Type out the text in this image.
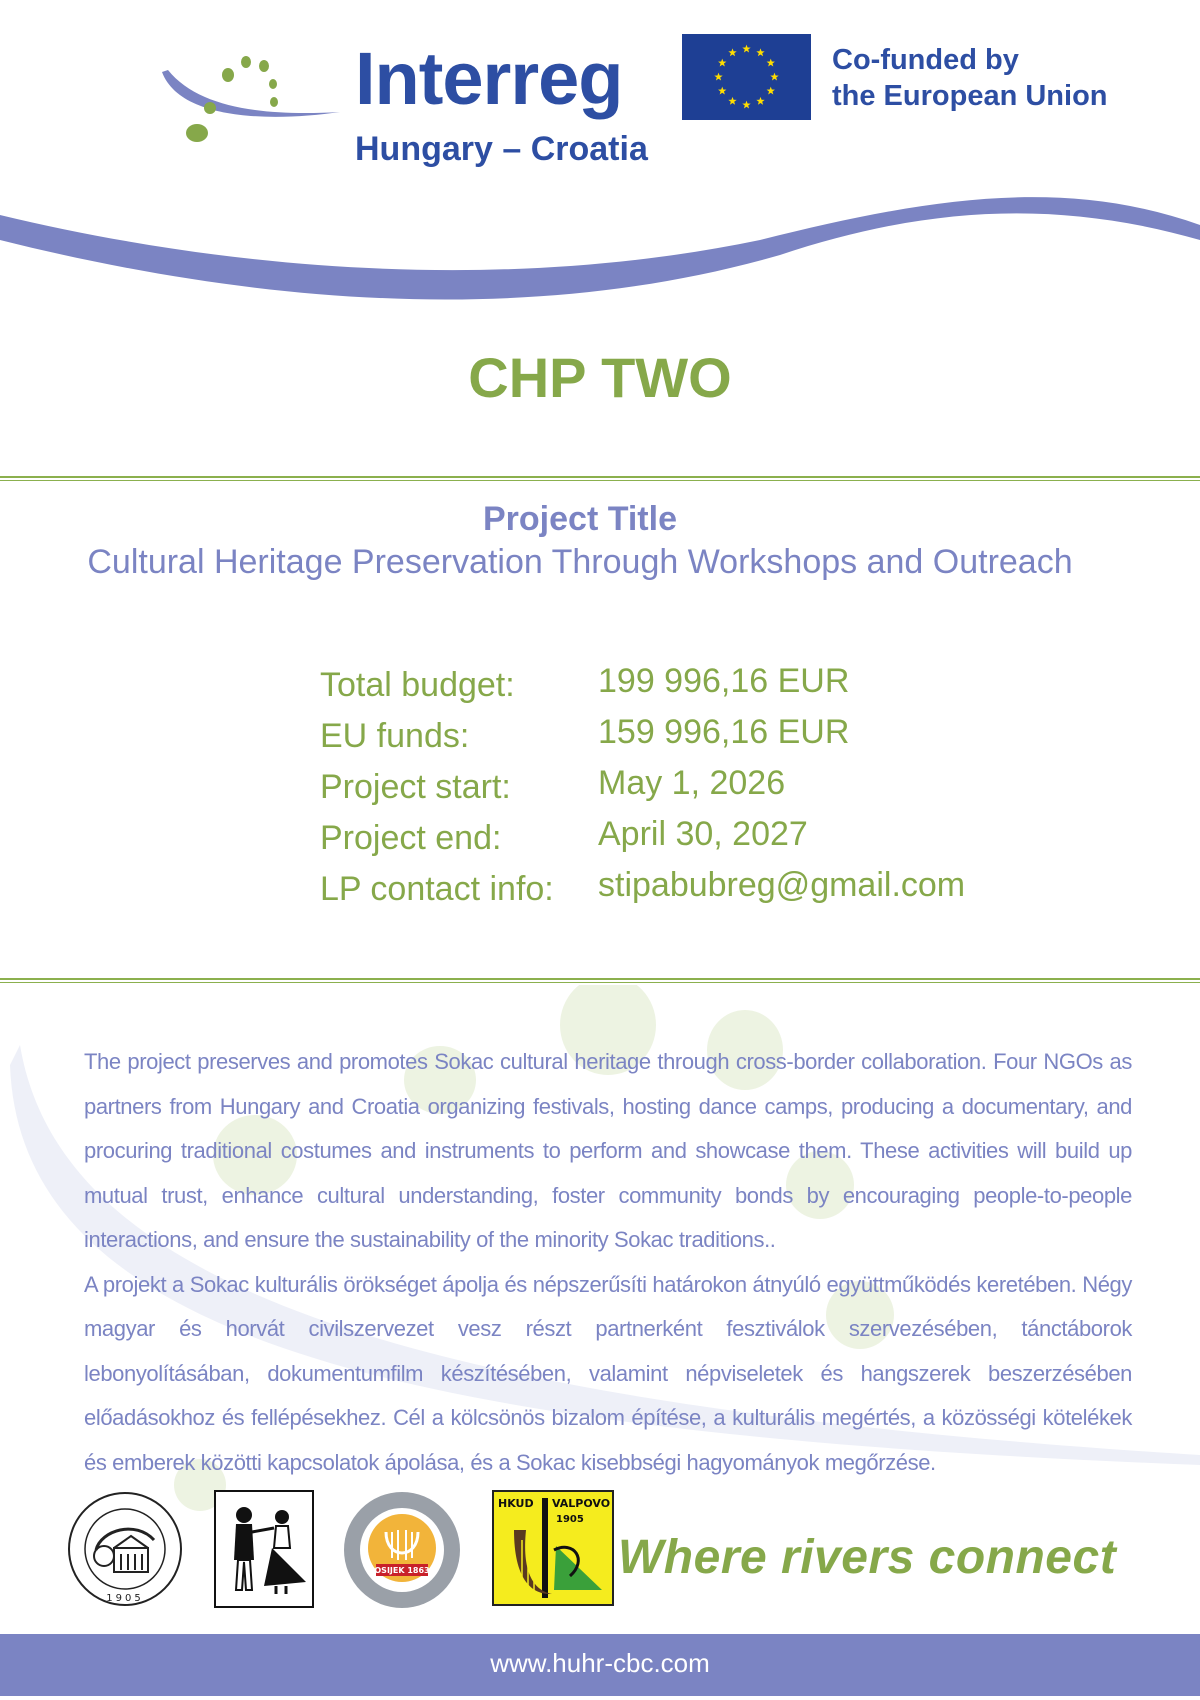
Interreg
Hungary – Croatia
Co-funded by
the European Union
CHP TWO
Project Title
Cultural Heritage Preservation Through Workshops and Outreach
Total budget: 199 996,16 EUR
EU funds:	159 996,16 EUR
Project start:	May 1, 2026
Project end:	April 30, 2027
LP contact info: stipabubreg@gmail.com

The project preserves and promotes Sokac cultural heritage through cross-border collaboration. Four NGOs as partners from Hungary and Croatia organizing festivals, hosting dance camps, producing a documentary, and procuring traditional costumes and instruments to perform and showcase them. These activities will build up mutual trust, enhance cultural understanding, foster community bonds by encouraging people-to-people interactions, and ensure the sustainability of the minority Sokac traditions..

A projekt a Sokac kulturális örökséget ápolja és népszerűsíti határokon átnyúló együttműködés keretében. Négy magyar és horvát civilszervezet vesz részt partnerként fesztiválok szervezésében, tánctáborok lebonyolításában, dokumentumfilm készítésében, valamint népviseletek és hangszerek beszerzésében előadásokhoz és fellépésekhez. Cél a kölcsönös bizalom építése, a kulturális megértés, a közösségi kötelékek és emberek közötti kapcsolatok ápolása, és a Sokac kisebbségi hagyományok megőrzése.

1905
OSIJEK 1863
HKUD VALPOVO
1905
Where rivers connect
www.huhr-cbc.com
